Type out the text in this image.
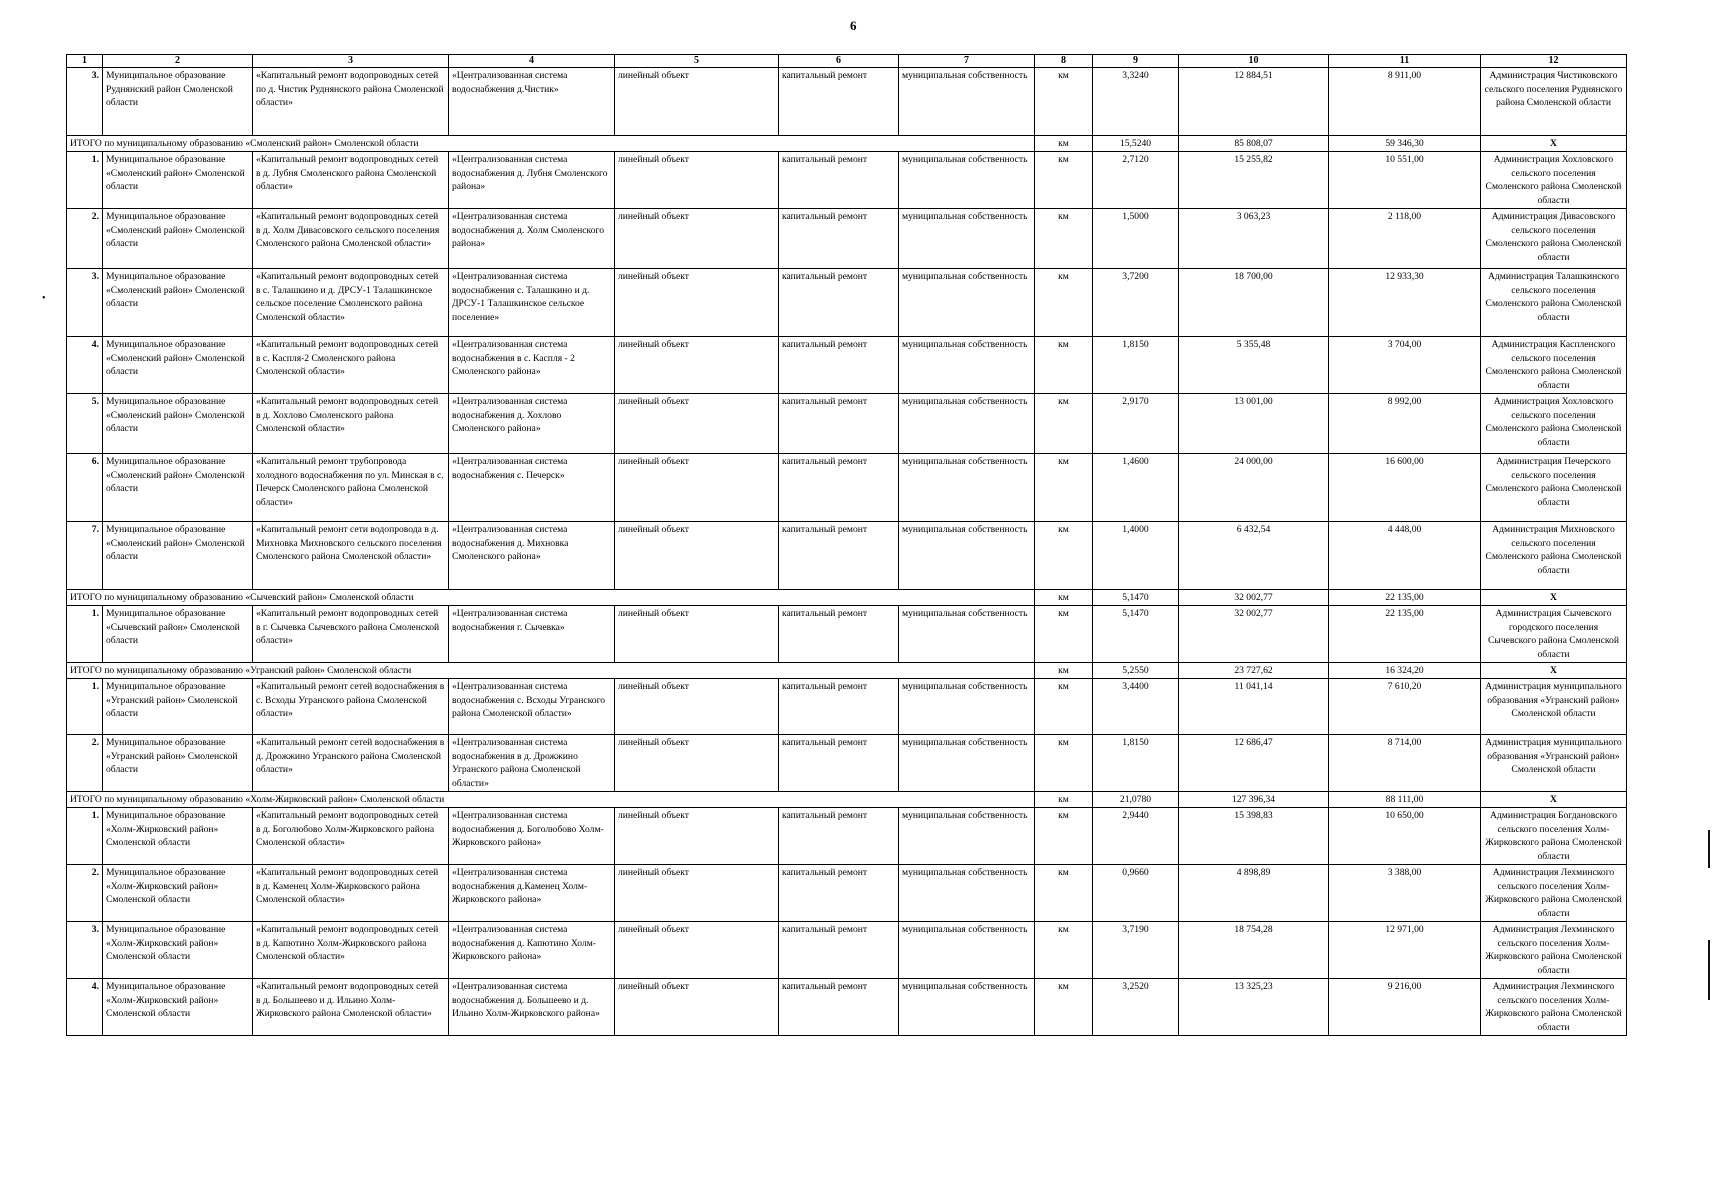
6
•
1	2	3	4	5	6	7	8	9	10	11	12
3.	Муниципальное образование Руднянский район Смоленской области	«Капитальный ремонт водопроводных сетей по д. Чистик Руднянского района Смоленской области»	«Централизованная система водоснабжения д.Чистик»	линейный объект	капитальный ремонт	муниципальная собственность	км	3,3240	12 884,51	8 911,00	Администрация Чистиковского сельского поселения Руднянского района Смоленской области
ИТОГО по муниципальному образованию «Смоленский район» Смоленской области							км	15,5240	85 808,07	59 346,30	Х
1.	Муниципальное образование «Смоленский район» Смоленской области	«Капитальный ремонт водопроводных сетей в д. Лубня Смоленского района Смоленской области»	«Централизованная система водоснабжения д. Лубня Смоленского района»	линейный объект	капитальный ремонт	муниципальная собственность	км	2,7120	15 255,82	10 551,00	Администрация Хохловского сельского поселения Смоленского района Смоленской области
2.	Муниципальное образование «Смоленский район» Смоленской области	«Капитальный ремонт водопроводных сетей в д. Холм Дивасовского сельского поселения Смоленского района Смоленской области»	«Централизованная система водоснабжения д. Холм Смоленского района»	линейный объект	капитальный ремонт	муниципальная собственность	км	1,5000	3 063,23	2 118,00	Администрация Дивасовского сельского поселения Смоленского района Смоленской области
3.	Муниципальное образование «Смоленский район» Смоленской области	«Капитальный ремонт водопроводных сетей в с. Талашкино и д. ДРСУ-1 Талашкинское сельское поселение Смоленского района Смоленской области»	«Централизованная система водоснабжения с. Талашкино и д. ДРСУ-1 Талашкинское сельское поселение»	линейный объект	капитальный ремонт	муниципальная собственность	км	3,7200	18 700,00	12 933,30	Администрация Талашкинского сельского поселения Смоленского района Смоленской области
4.	Муниципальное образование «Смоленский район» Смоленской области	«Капитальный ремонт водопроводных сетей в с. Каспля-2 Смоленского района Смоленской области»	«Централизованная система водоснабжения в с. Каспля - 2 Смоленского района»	линейный объект	капитальный ремонт	муниципальная собственность	км	1,8150	5 355,48	3 704,00	Администрация Каспленского сельского поселения Смоленского района Смоленской области
5.	Муниципальное образование «Смоленский район» Смоленской области	«Капитальный ремонт водопроводных сетей в д. Хохлово Смоленского района Смоленской области»	«Централизованная система водоснабжения д. Хохлово Смоленского района»	линейный объект	капитальный ремонт	муниципальная собственность	км	2,9170	13 001,00	8 992,00	Администрация Хохловского сельского поселения Смоленского района Смоленской области
6.	Муниципальное образование «Смоленский район» Смоленской области	«Капитальный ремонт трубопровода холодного водоснабжения по ул. Минская в с. Печерск Смоленского района Смоленской области»	«Централизованная система водоснабжения с. Печерск»	линейный объект	капитальный ремонт	муниципальная собственность	км	1,4600	24 000,00	16 600,00	Администрация Печерского сельского поселения Смоленского района Смоленской области
7.	Муниципальное образование «Смоленский район» Смоленской области	«Капитальный ремонт сети водопровода в д. Михновка Михновского сельского поселения Смоленского района Смоленской области»	«Централизованная система водоснабжения д. Михновка Смоленского района»	линейный объект	капитальный ремонт	муниципальная собственность	км	1,4000	6 432,54	4 448,00	Администрация Михновского сельского поселения Смоленского района Смоленской области
ИТОГО по муниципальному образованию «Сычевский район» Смоленской области							км	5,1470	32 002,77	22 135,00	Х
1.	Муниципальное образование «Сычевский район» Смоленской области	«Капитальный ремонт водопроводных сетей в г. Сычевка Сычевского района Смоленской области»	«Централизованная система водоснабжения г. Сычевка»	линейный объект	капитальный ремонт	муниципальная собственность	км	5,1470	32 002,77	22 135,00	Администрация Сычевского городского поселения Сычевского района Смоленской области
ИТОГО по муниципальному образованию «Угранский район» Смоленской области							км	5,2550	23 727,62	16 324,20	Х
1.	Муниципальное образование «Угранский район» Смоленской области	«Капитальный ремонт сетей водоснабжения в с. Всходы Угранского района Смоленской области»	«Централизованная система водоснабжения с. Всходы Угранского района Смоленской области»	линейный объект	капитальный ремонт	муниципальная собственность	км	3,4400	11 041,14	7 610,20	Администрация муниципального образования «Угранский район» Смоленской области
2.	Муниципальное образование «Угранский район» Смоленской области	«Капитальный ремонт сетей водоснабжения в д. Дрожжино Угранского района Смоленской области»	«Централизованная система водоснабжения в д. Дрожжино Угранского района Смоленской области»	линейный объект	капитальный ремонт	муниципальная собственность	км	1,8150	12 686,47	8 714,00	Администрация муниципального образования «Угранский район» Смоленской области
ИТОГО по муниципальному образованию «Холм-Жирковский район» Смоленской области							км	21,0780	127 396,34	88 111,00	Х
1.	Муниципальное образование «Холм-Жирковский район» Смоленской области	«Капитальный ремонт водопроводных сетей в д. Боголюбово Холм-Жирковского района Смоленской области»	«Централизованная система водоснабжения д. Боголюбово Холм-Жирковского района»	линейный объект	капитальный ремонт	муниципальная собственность	км	2,9440	15 398,83	10 650,00	Администрация Богдановского сельского поселения Холм-Жирковского района Смоленской области
2.	Муниципальное образование «Холм-Жирковский район» Смоленской области	«Капитальный ремонт водопроводных сетей в д. Каменец Холм-Жирковского района Смоленской области»	«Централизованная система водоснабжения д.Каменец Холм-Жирковского района»	линейный объект	капитальный ремонт	муниципальная собственность	км	0,9660	4 898,89	3 388,00	Администрация Лехминского сельского поселения Холм-Жирковского района Смоленской области
3.	Муниципальное образование «Холм-Жирковский район» Смоленской области	«Капитальный ремонт водопроводных сетей в д. Капютино Холм-Жирковского района Смоленской области»	«Централизованная система водоснабжения д. Капютино Холм-Жирковского района»	линейный объект	капитальный ремонт	муниципальная собственность	км	3,7190	18 754,28	12 971,00	Администрация Лехминского сельского поселения Холм-Жирковского района Смоленской области
4.	Муниципальное образование «Холм-Жирковский район» Смоленской области	«Капитальный ремонт водопроводных сетей в д. Большеево и д. Ильино Холм-Жирковского района Смоленской области»	«Централизованная система водоснабжения д. Большеево и д. Ильино Холм-Жирковского района»	линейный объект	капитальный ремонт	муниципальная собственность	км	3,2520	13 325,23	9 216,00	Администрация Лехминского сельского поселения Холм-Жирковского района Смоленской области
